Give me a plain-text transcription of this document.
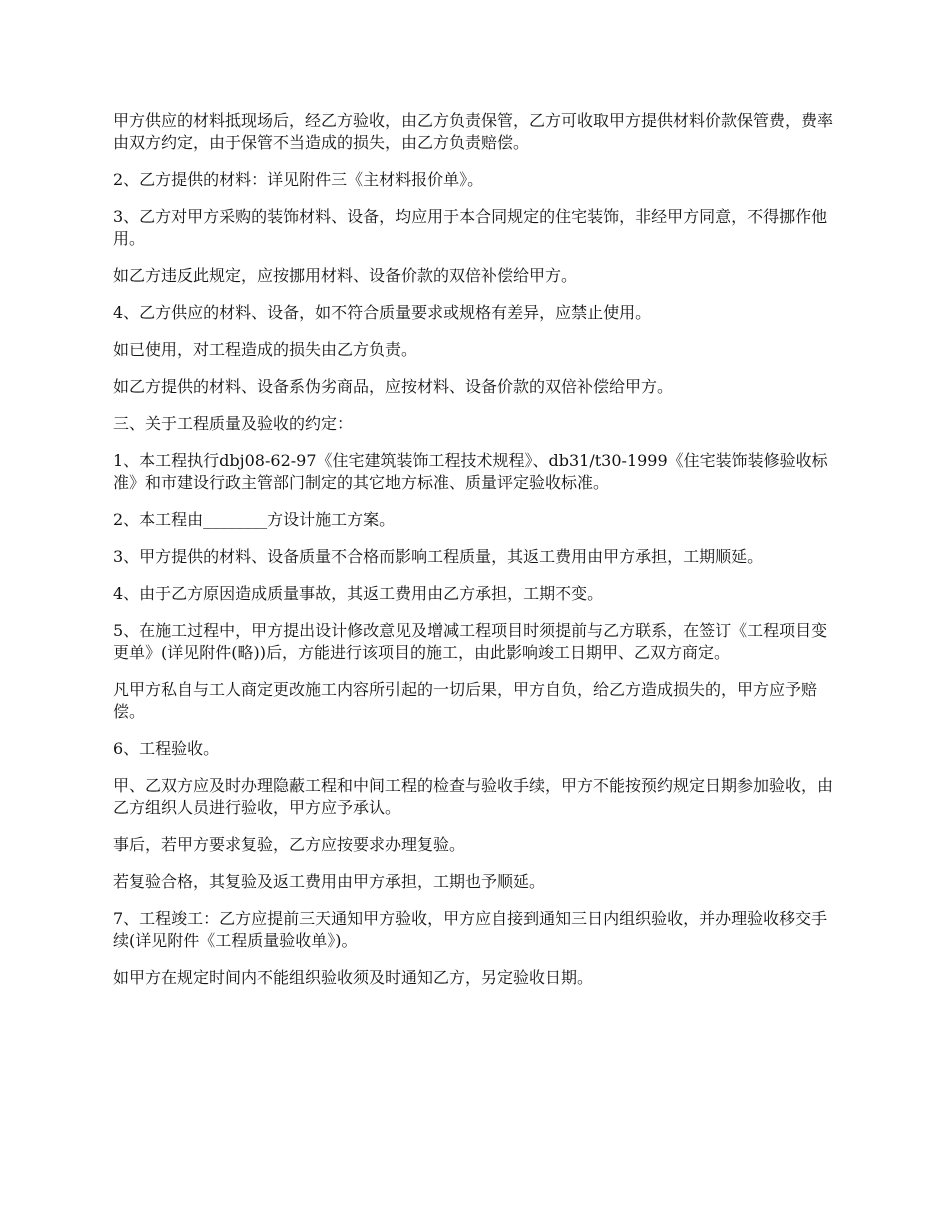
甲方供应的材料抵现场后，经乙方验收，由乙方负责保管，乙方可收取甲方提供材料价款保管费，费率由双方约定，由于保管不当造成的损失，由乙方负责赔偿。

2、乙方提供的材料：详见附件三《主材料报价单》。

3、乙方对甲方采购的装饰材料、设备，均应用于本合同规定的住宅装饰，非经甲方同意，不得挪作他用。

如乙方违反此规定，应按挪用材料、设备价款的双倍补偿给甲方。

4、乙方供应的材料、设备，如不符合质量要求或规格有差异，应禁止使用。

如已使用，对工程造成的损失由乙方负责。

如乙方提供的材料、设备系伪劣商品，应按材料、设备价款的双倍补偿给甲方。

三、关于工程质量及验收的约定：

1、本工程执行dbj08-62-97《住宅建筑装饰工程技术规程》、db31/t30-1999《住宅装饰装修验收标准》和市建设行政主管部门制定的其它地方标准、质量评定验收标准。

2、本工程由________方设计施工方案。

3、甲方提供的材料、设备质量不合格而影响工程质量，其返工费用由甲方承担，工期顺延。

4、由于乙方原因造成质量事故，其返工费用由乙方承担，工期不变。

5、在施工过程中，甲方提出设计修改意见及增减工程项目时须提前与乙方联系，在签订《工程项目变更单》(详见附件(略))后，方能进行该项目的施工，由此影响竣工日期甲、乙双方商定。

凡甲方私自与工人商定更改施工内容所引起的一切后果，甲方自负，给乙方造成损失的，甲方应予赔偿。

6、工程验收。

甲、乙双方应及时办理隐蔽工程和中间工程的检查与验收手续，甲方不能按预约规定日期参加验收，由乙方组织人员进行验收，甲方应予承认。

事后，若甲方要求复验，乙方应按要求办理复验。

若复验合格，其复验及返工费用由甲方承担，工期也予顺延。

7、工程竣工：乙方应提前三天通知甲方验收，甲方应自接到通知三日内组织验收，并办理验收移交手续(详见附件《工程质量验收单》)。

如甲方在规定时间内不能组织验收须及时通知乙方，另定验收日期。
